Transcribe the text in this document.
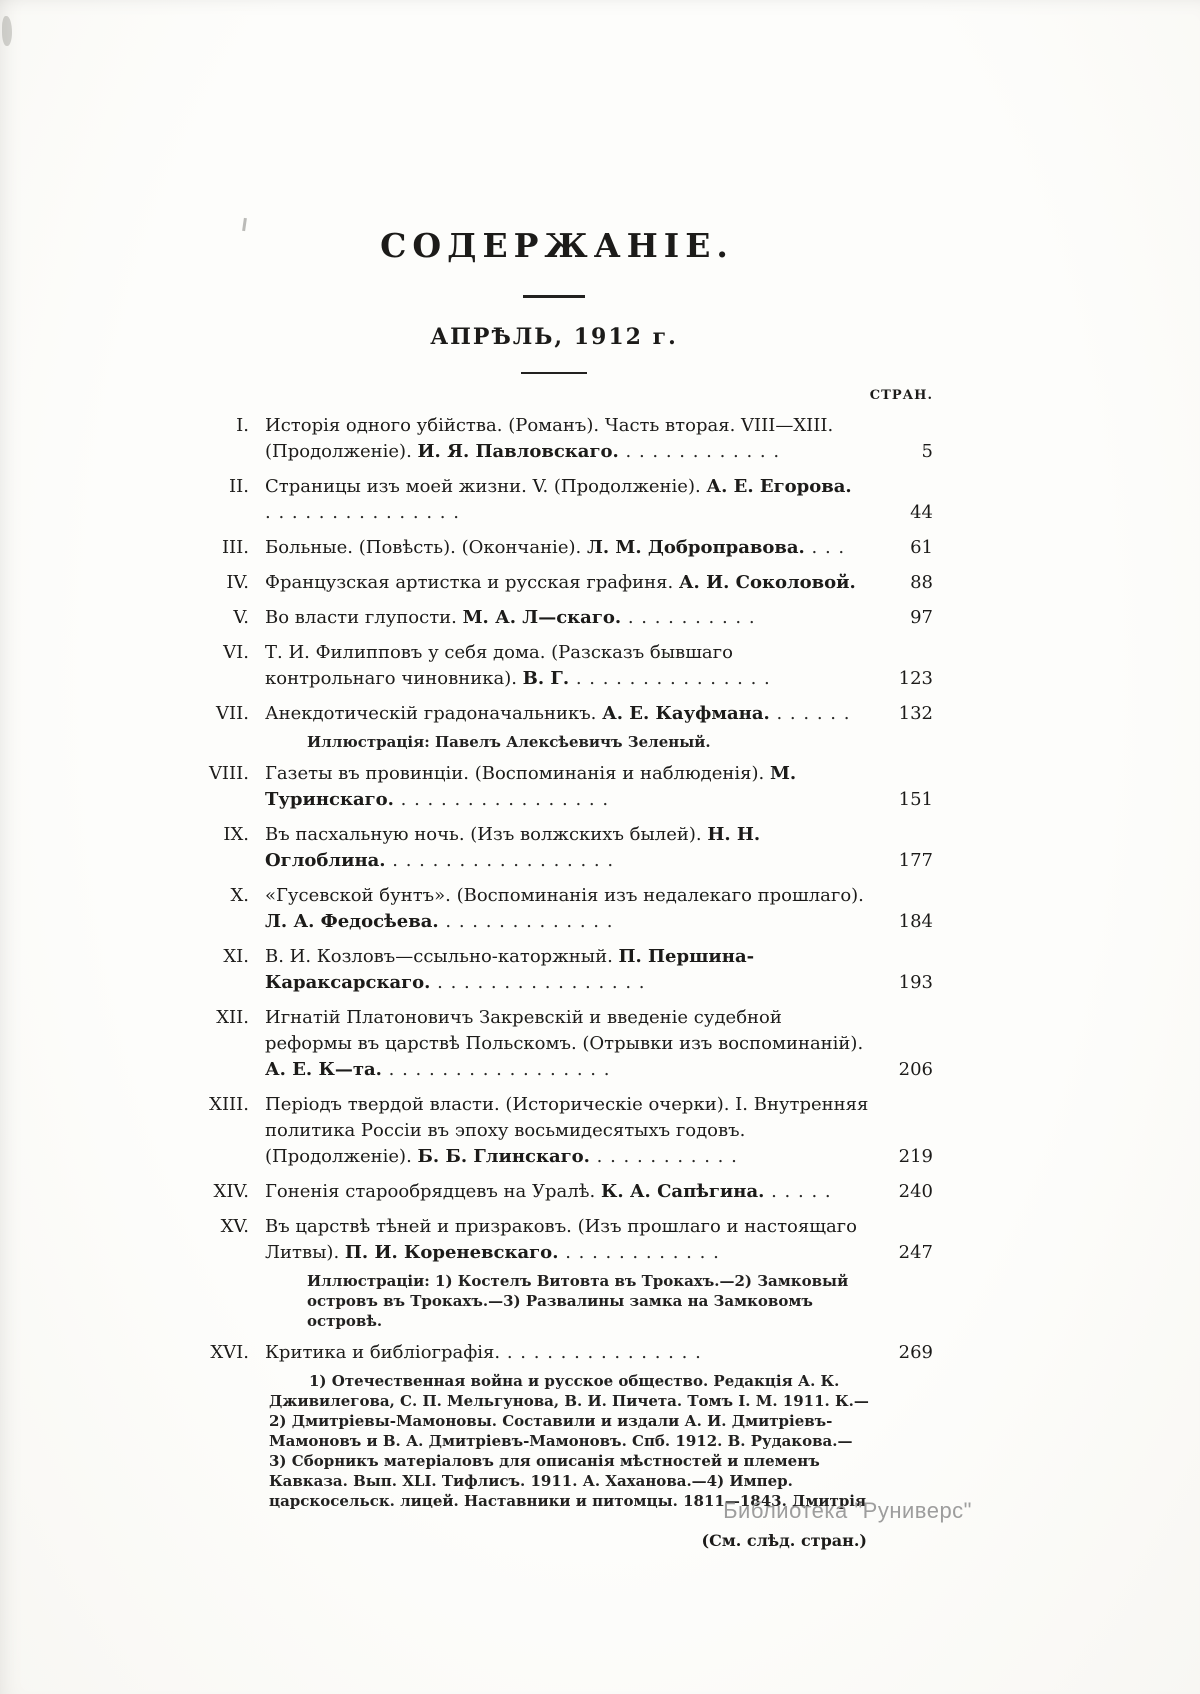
СОДЕРЖАНІЕ.
АПРѢЛЬ, 1912 г.
СТРАН.
I. Исторія одного убійства. (Романъ). Часть вторая. VIII—XIII. (Продолженіе). И. Я. Павловскаго. . . . . . . . . . . . .	5
II. Страницы изъ моей жизни. V. (Продолженіе). А. Е. Егорова. . . . . . . . . . . . . . . .	44
III. Больные. (Повѣсть). (Окончаніе). Л. М. Доброправова. . . .	61
IV. Французская артистка и русская графиня. А. И. Соколовой.	88
V. Во власти глупости. М. А. Л—скаго. . . . . . . . . . .	97
VI. Т. И. Филипповъ у себя дома. (Разсказъ бывшаго контрольнаго чиновника). В. Г. . . . . . . . . . . . . . . .	123
VII. Анекдотическій градоначальникъ. А. Е. Кауфмана. . . . . . .	132
Иллюстрація: Павелъ Алексѣевичъ Зеленый.
VIII. Газеты въ провинціи. (Воспоминанія и наблюденія). М. Туринскаго. . . . . . . . . . . . . . . . .	151
IX. Въ пасхальную ночь. (Изъ волжскихъ былей). Н. Н. Оглоблина. . . . . . . . . . . . . . . . . .	177
X. «Гусевской бунтъ». (Воспоминанія изъ недалекаго прошлаго). Л. А. Федосѣева. . . . . . . . . . . . . .	184
XI. В. И. Козловъ—ссыльно-каторжный. П. Першина-Караксарскаго. . . . . . . . . . . . . . . . .	193
XII. Игнатій Платоновичъ Закревскій и введеніе судебной реформы въ царствѣ Польскомъ. (Отрывки изъ воспоминаній). А. Е. К—та. . . . . . . . . . . . . . . . . .	206
XIII. Періодъ твердой власти. (Историческіе очерки). I. Внутренняя политика Россіи въ эпоху восьмидесятыхъ годовъ. (Продолженіе). Б. Б. Глинскаго. . . . . . . . . . . .	219
XIV. Гоненія старообрядцевъ на Уралѣ. К. А. Сапѣгина. . . . . .	240
XV. Въ царствѣ тѣней и призраковъ. (Изъ прошлаго и настоящаго Литвы). П. И. Кореневскаго. . . . . . . . . . . . .	247
Иллюстраціи: 1) Костелъ Витовта въ Трокахъ.—2) Замковый островъ въ Трокахъ.—3) Развалины замка на Замковомъ островѣ.
XVI. Критика и библіографія. . . . . . . . . . . . . . . .	269
1) Отечественная война и русское общество. Редакція А. К. Дживилегова, С. П. Мельгунова, В. И. Пичета. Томъ I. М. 1911. К.—2) Дмитріевы-Мамоновы. Составили и издали А. И. Дмитріевъ-Мамоновъ и В. А. Дмитріевъ-Мамоновъ. Спб. 1912. В. Рудакова.—3) Сборникъ матеріаловъ для описанія мѣстностей и племенъ Кавказа. Вып. XLI. Тифлисъ. 1911. А. Хаханова.—4) Импер. царскосельск. лицей. Наставники и питомцы. 1811—1843. Дмитрія
(См. слѣд. стран.)
Библиотека "Руниверс"
